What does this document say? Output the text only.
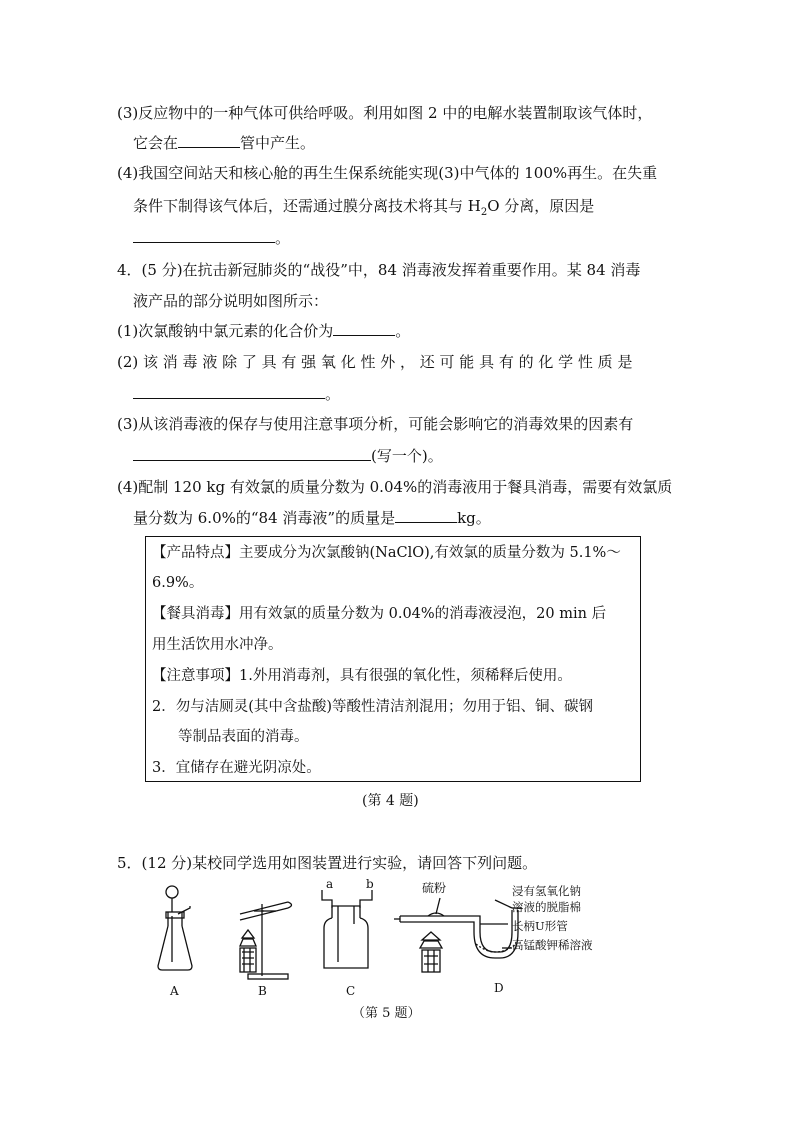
(3)反应物中的一种气体可供给呼吸。利用如图 2 中的电解水装置制取该气体时，
它会在	管中产生。
(4)我国空间站天和核心舱的再生生保系统能实现(3)中气体的 100%再生。在失重
条件下制得该气体后，还需通过膜分离技术将其与 $H_2O$ 分离，原因是
。
4．(5 分)在抗击新冠肺炎的“战役”中，84 消毒液发挥着重要作用。某 84 消毒
液产品的部分说明如图所示：
(1)次氯酸钠中氯元素的化合价为	。
(2) 该 消 毒 液 除 了 具 有 强 氧 化 性 外 ， 还 可 能 具 有 的 化 学 性 质 是
。
(3)从该消毒液的保存与使用注意事项分析，可能会影响它的消毒效果的因素有
(写一个)。
(4)配制 120 kg 有效氯的质量分数为 0.04%的消毒液用于餐具消毒，需要有效氯质
量分数为 6.0%的“84 消毒液”的质量是	kg。
【产品特点】主要成分为次氯酸钠(NaClO),有效氯的质量分数为 5.1%～
6.9%。
【餐具消毒】用有效氯的质量分数为 0.04%的消毒液浸泡，20 min 后
用生活饮用水冲净。
【注意事项】1.外用消毒剂，具有很强的氧化性，须稀释后使用。
2．勿与洁厕灵(其中含盐酸)等酸性清洁剂混用；勿用于铝、铜、碳钢
等制品表面的消毒。
3．宜储存在避光阴凉处。
(第 4 题)
5．(12 分)某校同学选用如图装置进行实验，请回答下列问题。
A	B	C	D
a	b	硫粉	浸有氢氧化钠
溶液的脱脂棉
长柄U形管
高锰酸钾稀溶液
（第 5 题）
